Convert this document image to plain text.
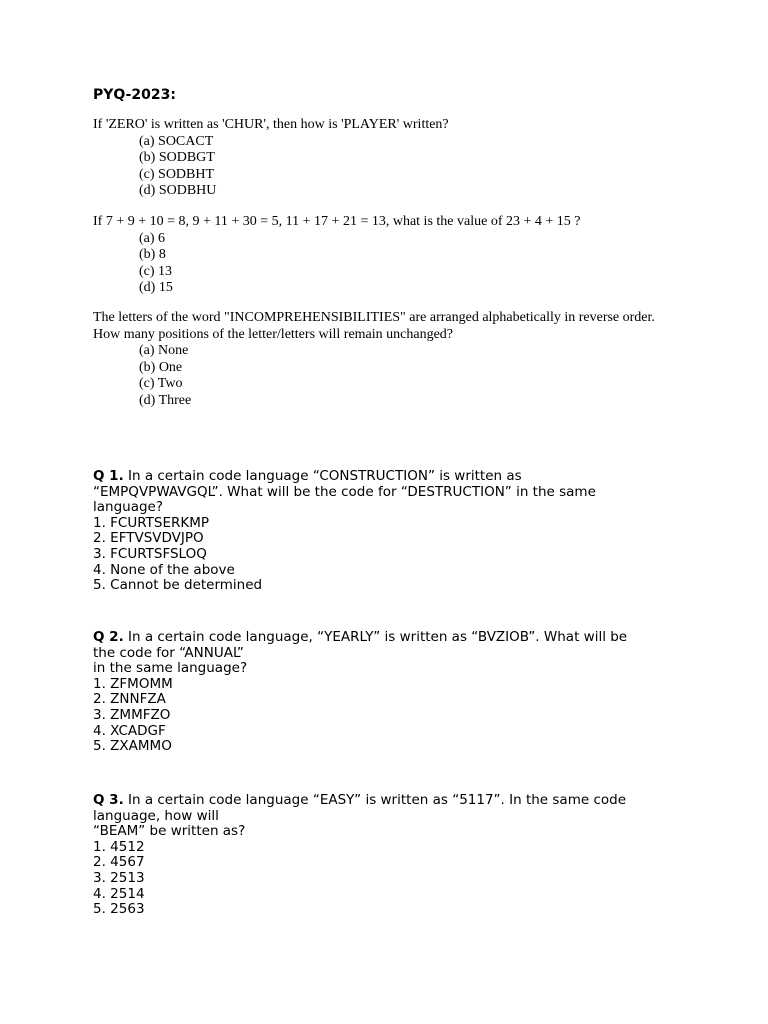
PYQ-2023:
If 'ZERO' is written as 'CHUR', then how is 'PLAYER' written?
(a) SOCACT
(b) SODBGT
(c) SODBHT
(d) SODBHU
If 7 + 9 + 10 = 8, 9 + 11 + 30 = 5, 11 + 17 + 21 = 13, what is the value of 23 + 4 + 15 ?
(a) 6
(b) 8
(c) 13
(d) 15
The letters of the word "INCOMPREHENSIBILITIES" are arranged alphabetically in reverse order.
How many positions of the letter/letters will remain unchanged?
(a) None
(b) One
(c) Two
(d) Three
Q 1. In a certain code language “CONSTRUCTION” is written as
“EMPQVPWAVGQL”. What will be the code for “DESTRUCTION” in the same
language?
1. FCURTSERKMP
2. EFTVSVDVJPO
3. FCURTSFSLOQ
4. None of the above
5. Cannot be determined
Q 2. In a certain code language, “YEARLY” is written as “BVZIOB”. What will be
the code for “ANNUAL”
in the same language?
1. ZFMOMM
2. ZNNFZA
3. ZMMFZO
4. XCADGF
5. ZXAMMO
Q 3. In a certain code language “EASY” is written as “5117”. In the same code
language, how will
“BEAM” be written as?
1. 4512
2. 4567
3. 2513
4. 2514
5. 2563
